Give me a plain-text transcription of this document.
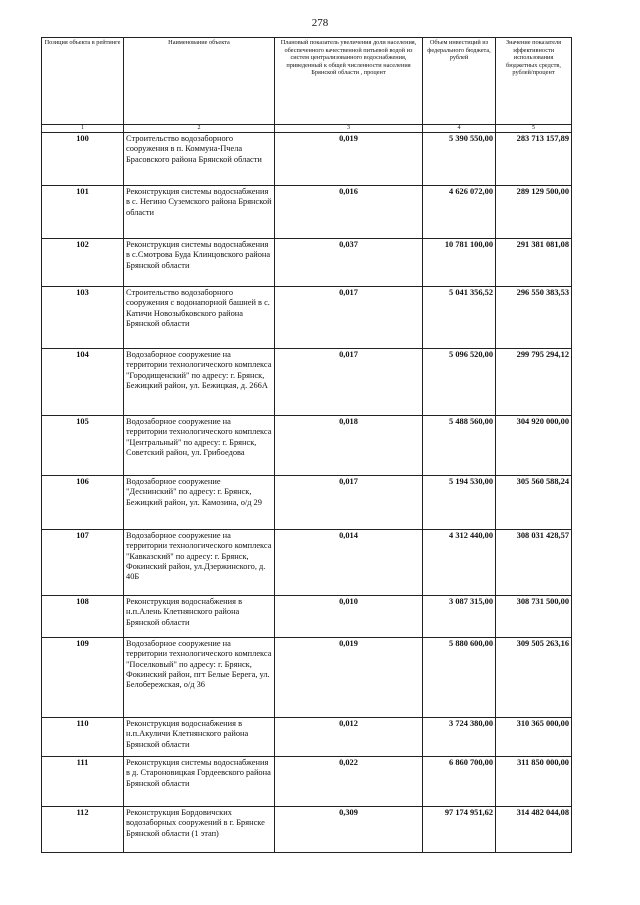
278
Позиция объекта в рейтинге	Наименование объекта	Плановый показатель увеличения доли населения, обеспеченного качественной питьевой водой из систем централизованного водоснабжения, приведенный к общей численности населения Брянской области , процент	Объем инвестиций из федерального бюджета, рублей	Значение показателя эффективности использования бюджетных средств, рублей/процент
1	2	3	4	5
100	Строительство водозаборного сооружения в п. Коммуна-Пчела Брасовского района Брянской области	0,019	5 390 550,00	283 713 157,89
101	Реконструкция системы водоснабжения в с. Негино Суземского района Брянской области	0,016	4 626 072,00	289 129 500,00
102	Реконструкция системы водоснабжения в с.Смотрова Буда Клинцовского района Брянской области	0,037	10 781 100,00	291 381 081,08
103	Строительство водозаборного сооружения с водонапорной башней в с. Катичи Новозыбковского района Брянской области	0,017	5 041 356,52	296 550 383,53
104	Водозаборное сооружение на территории технологического комплекса "Городищенский" по адресу: г. Брянск, Бежицкий район, ул. Бежицкая, д. 266А	0,017	5 096 520,00	299 795 294,12
105	Водозаборное сооружение на территории технологического комплекса "Центральный" по адресу: г. Брянск, Советский район, ул. Грибоедова	0,018	5 488 560,00	304 920 000,00
106	Водозаборное сооружение "Деснинский" по адресу: г. Брянск, Бежицкий район, ул. Камозина, о/д 29	0,017	5 194 530,00	305 560 588,24
107	Водозаборное сооружение на территории технологического комплекса "Кавказский" по адресу: г. Брянск, Фокинский район, ул.Дзержинского, д. 40Б	0,014	4 312 440,00	308 031 428,57
108	Реконструкция водоснабжения в н.п.Алень Клетнянского района Брянской области	0,010	3 087 315,00	308 731 500,00
109	Водозаборное сооружение на территории технологического комплекса "Поселковый" по адресу: г. Брянск, Фокинский район, пгт Белые Берега, ул. Белобережская, о/д 36	0,019	5 880 600,00	309 505 263,16
110	Реконструкция водоснабжения в н.п.Акуличи Клетнянского района Брянской области	0,012	3 724 380,00	310 365 000,00
111	Реконструкция системы водоснабжения в д. Староновицкая Гордеевского района Брянской области	0,022	6 860 700,00	311 850 000,00
112	Реконструкция Бордовичских водозаборных сооружений в г. Брянске Брянской области (1 этап)	0,309	97 174 951,62	314 482 044,08
